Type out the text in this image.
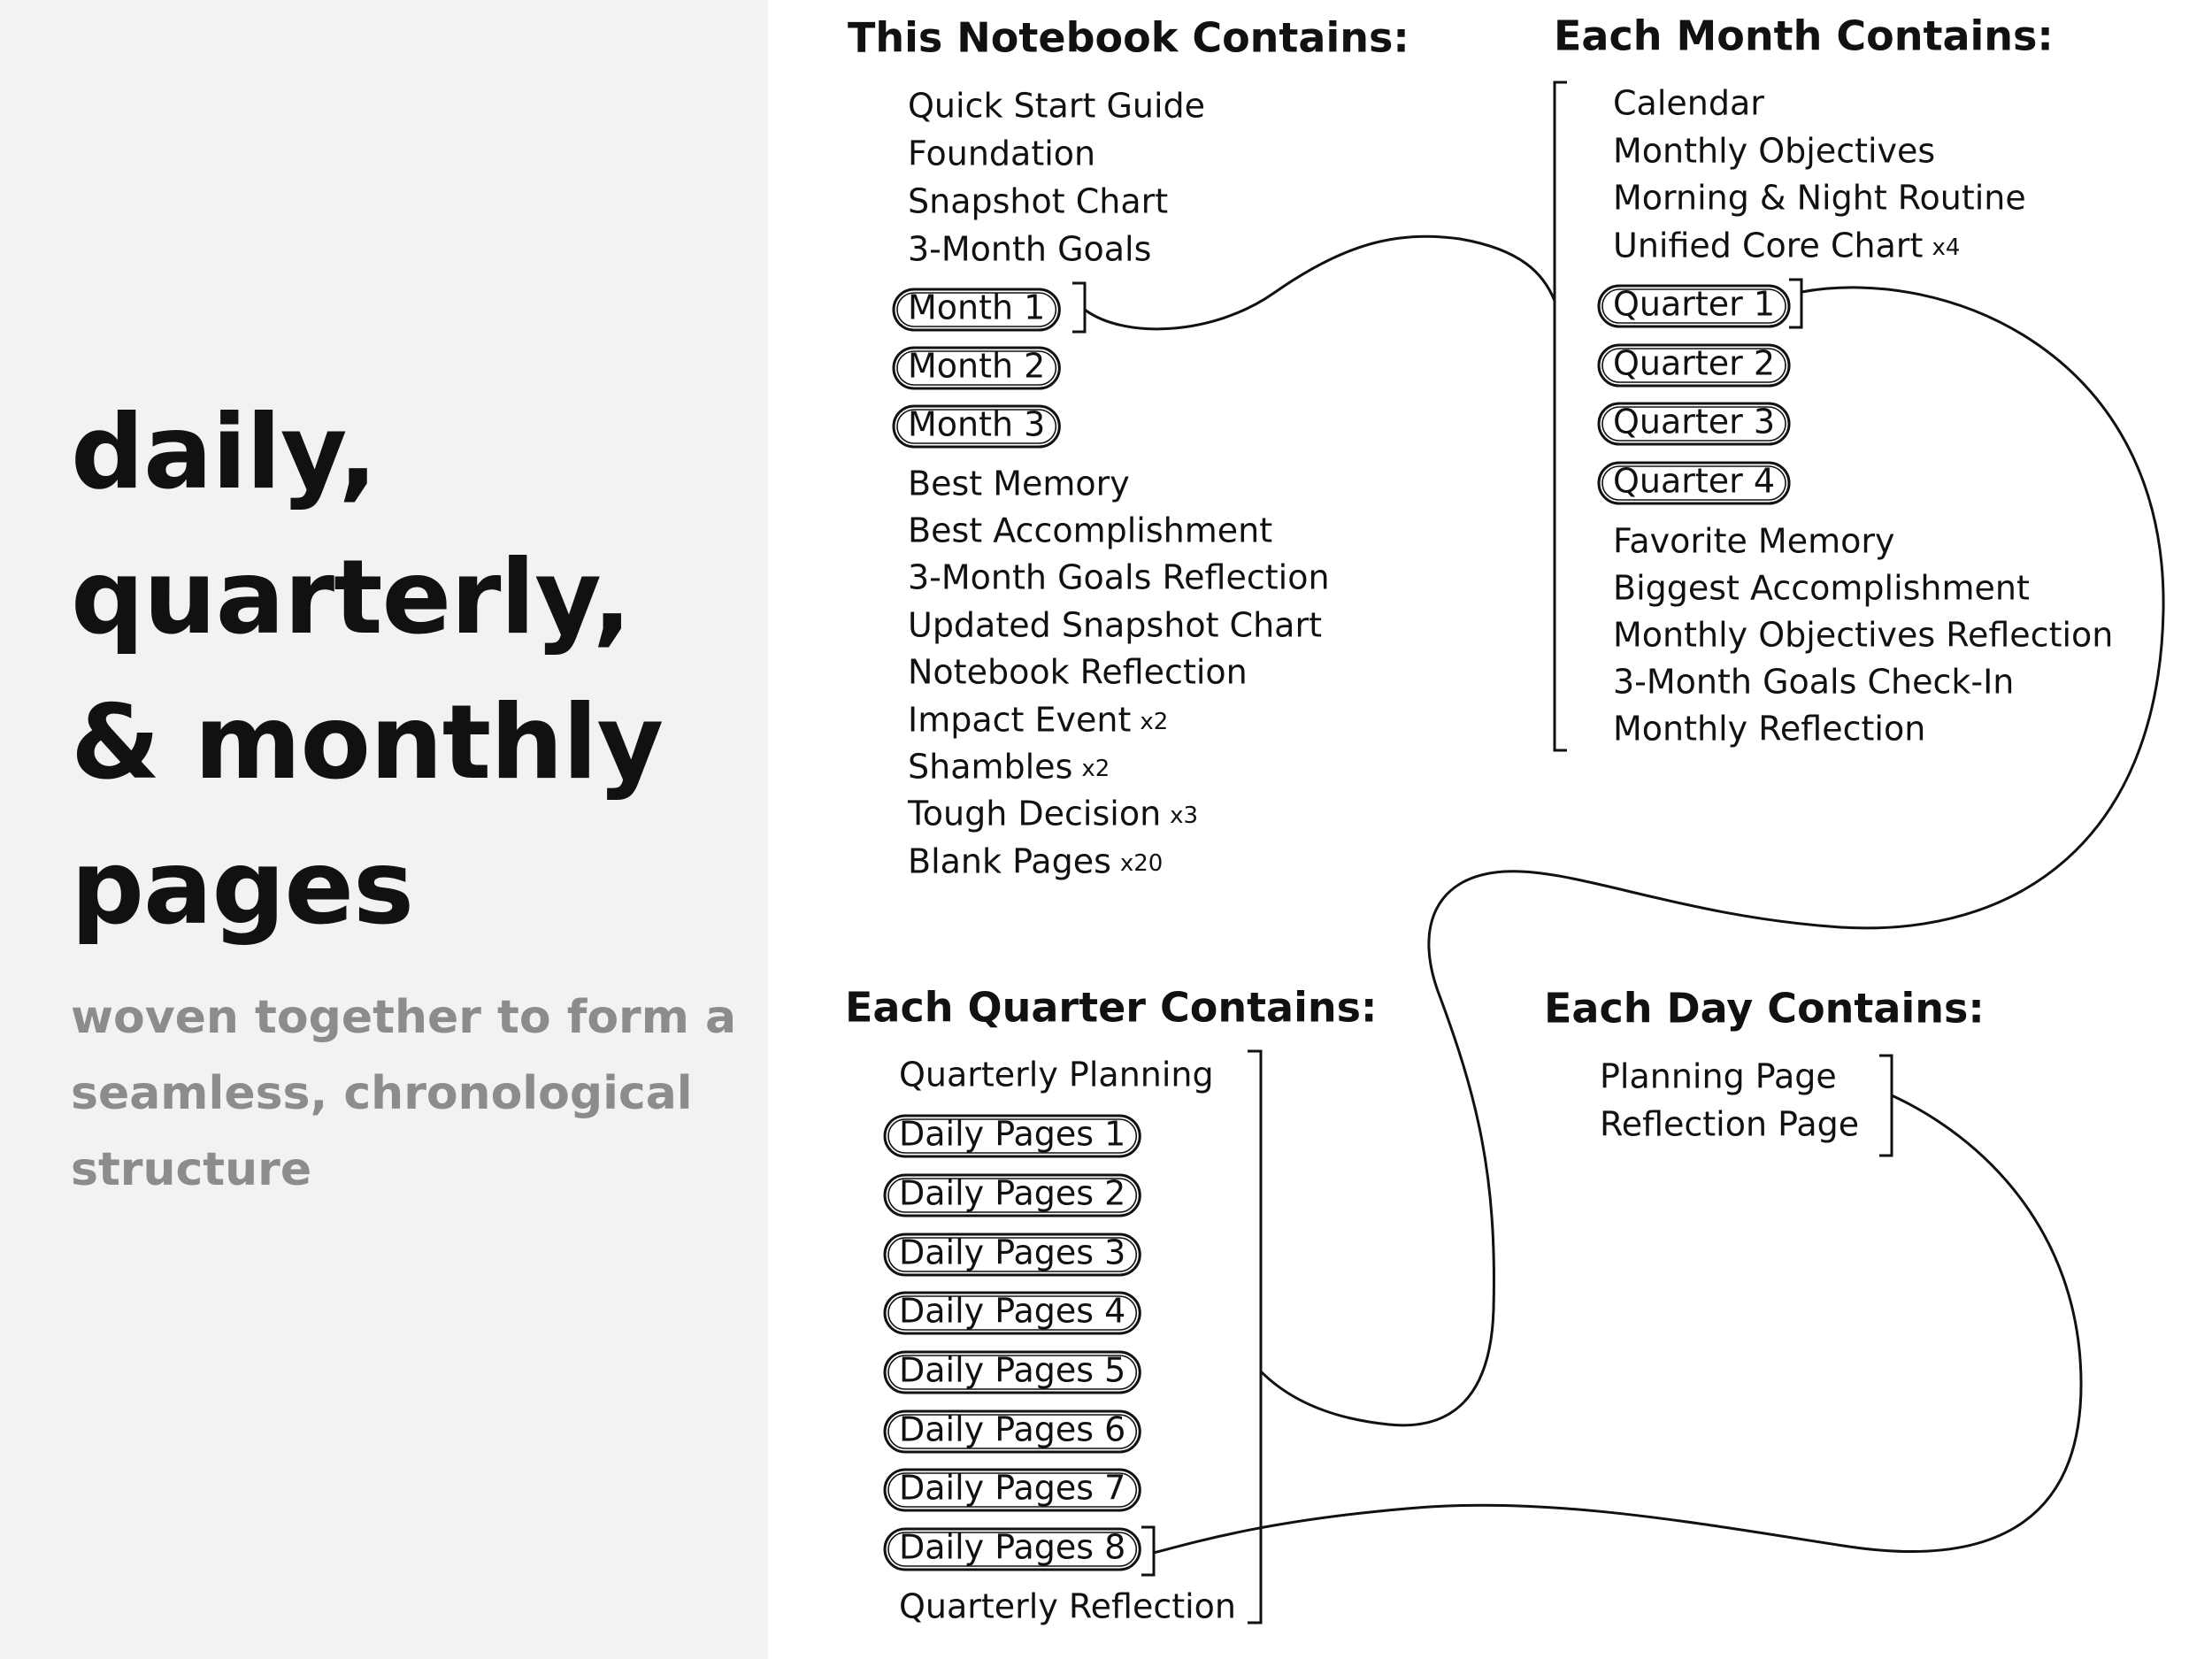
daily,
quarterly,
& monthly
pages

woven together to form a
seamless, chronological
structure

This Notebook Contains:
Quick Start Guide
Foundation
Snapshot Chart
3-Month Goals
Month 1
Month 2
Month 3
Best Memory
Best Accomplishment
3-Month Goals Reflection
Updated Snapshot Chart
Notebook Reflection
Impact Event x2
Shambles x2
Tough Decision x3
Blank Pages x20
Each Month Contains:
Calendar
Monthly Objectives
Morning & Night Routine
Unified Core Chart x4
Quarter 1
Quarter 2
Quarter 3
Quarter 4
Favorite Memory
Biggest Accomplishment
Monthly Objectives Reflection
3-Month Goals Check-In
Monthly Reflection
Each Quarter Contains:
Quarterly Planning
Daily Pages 1
Daily Pages 2
Daily Pages 3
Daily Pages 4
Daily Pages 5
Daily Pages 6
Daily Pages 7
Daily Pages 8
Quarterly Reflection
Each Day Contains:
Planning Page
Reflection Page
